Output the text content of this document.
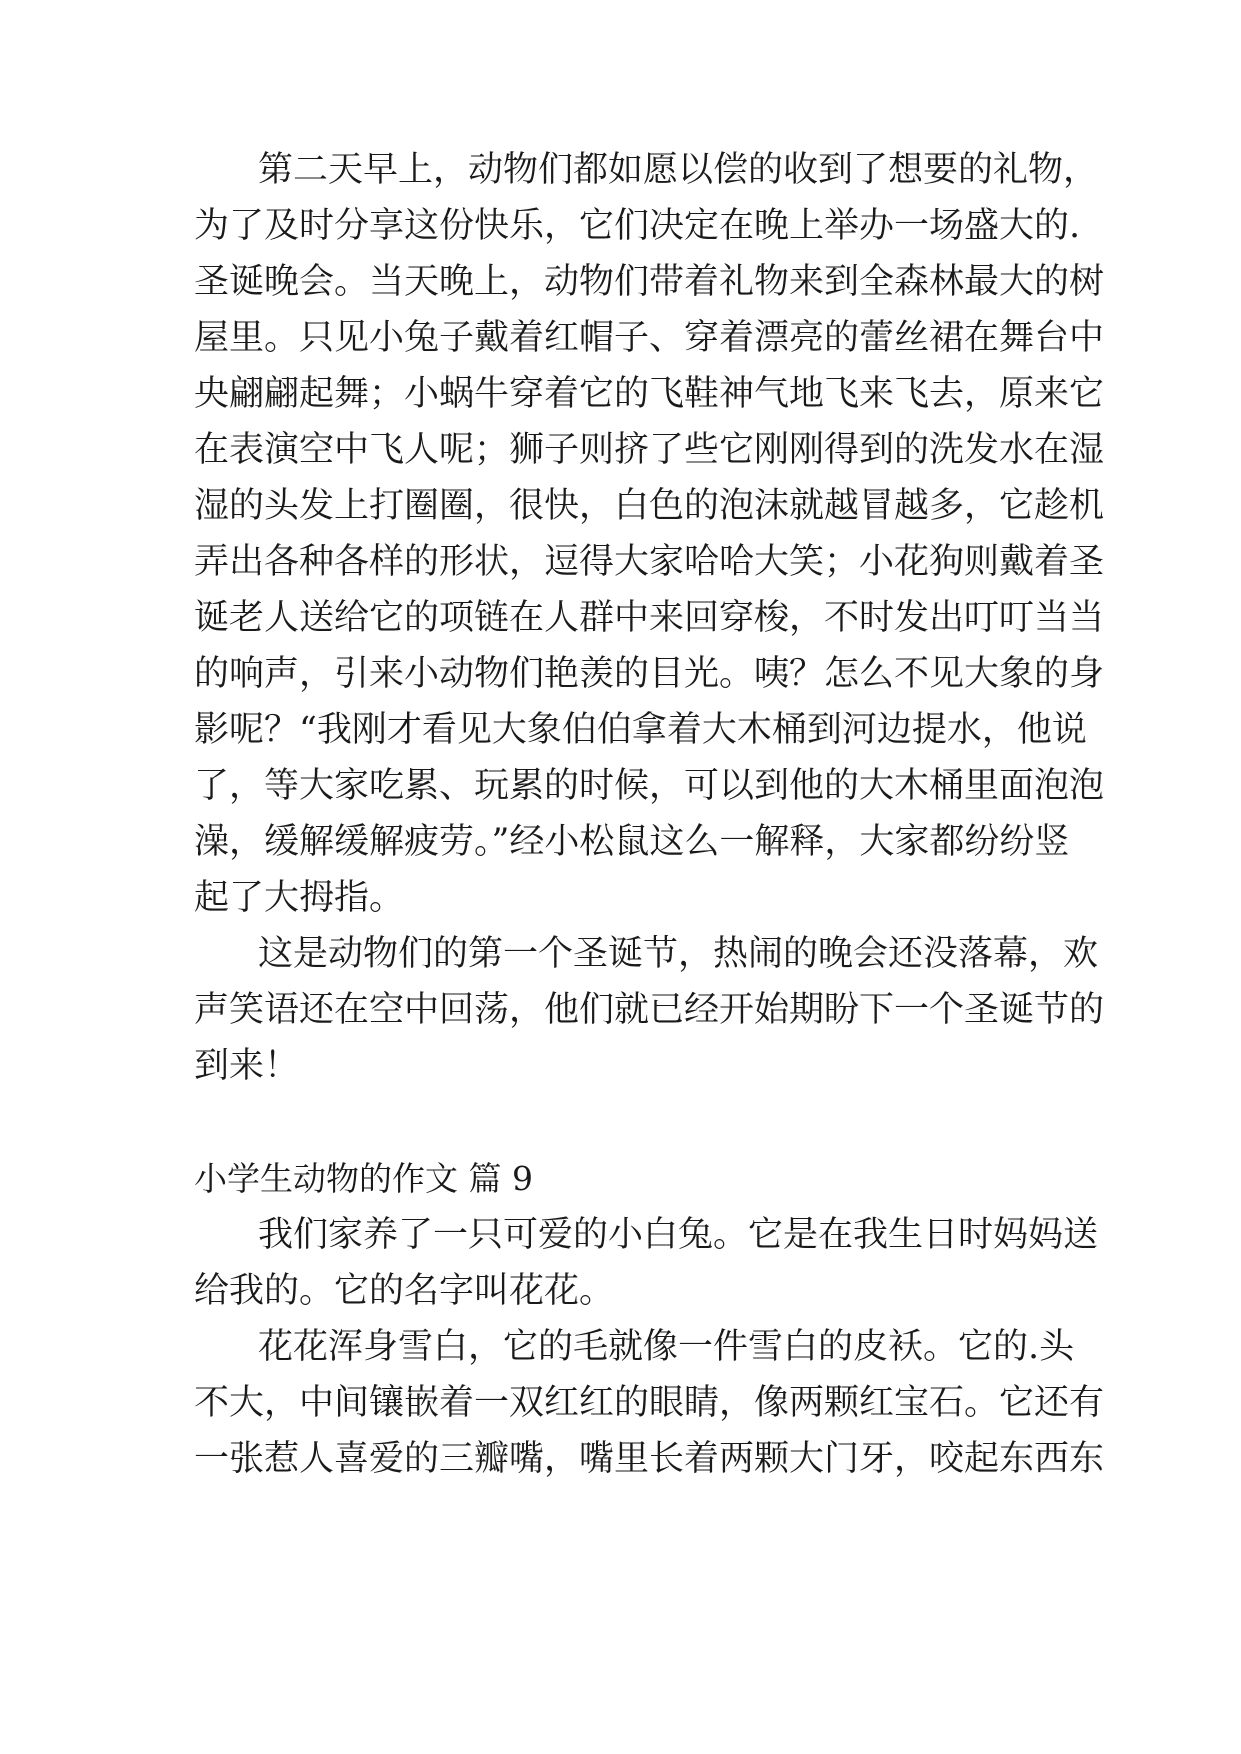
第二天早上，动物们都如愿以偿的收到了想要的礼物，
为了及时分享这份快乐，它们决定在晚上举办一场盛大的.
圣诞晚会。当天晚上，动物们带着礼物来到全森林最大的树
屋里。只见小兔子戴着红帽子、穿着漂亮的蕾丝裙在舞台中
央翩翩起舞；小蜗牛穿着它的飞鞋神气地飞来飞去，原来它
在表演空中飞人呢；狮子则挤了些它刚刚得到的洗发水在湿
湿的头发上打圈圈，很快，白色的泡沫就越冒越多，它趁机
弄出各种各样的形状，逗得大家哈哈大笑；小花狗则戴着圣
诞老人送给它的项链在人群中来回穿梭，不时发出叮叮当当
的响声，引来小动物们艳羡的目光。咦？怎么不见大象的身
影呢？“我刚才看见大象伯伯拿着大木桶到河边提水，他说
了，等大家吃累、玩累的时候，可以到他的大木桶里面泡泡
澡，缓解缓解疲劳。”经小松鼠这么一解释，大家都纷纷竖
起了大拇指。
这是动物们的第一个圣诞节，热闹的晚会还没落幕，欢
声笑语还在空中回荡，他们就已经开始期盼下一个圣诞节的
到来！
小学生动物的作文 篇 9
我们家养了一只可爱的小白兔。它是在我生日时妈妈送
给我的。它的名字叫花花。
花花浑身雪白，它的毛就像一件雪白的皮袄。它的.头
不大，中间镶嵌着一双红红的眼睛，像两颗红宝石。它还有
一张惹人喜爱的三瓣嘴，嘴里长着两颗大门牙，咬起东西东
